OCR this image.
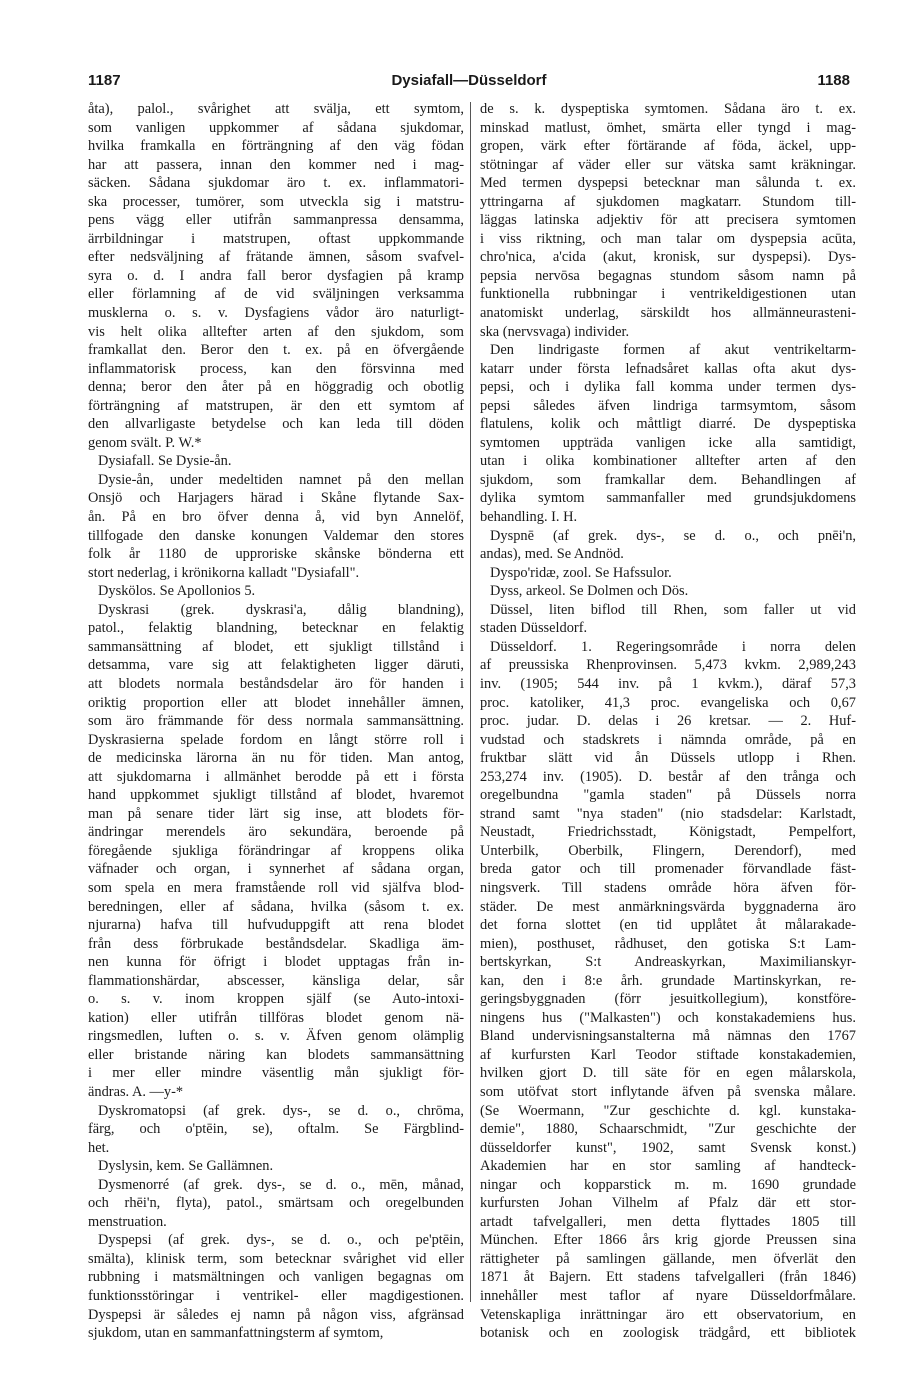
1187	Dysiafall—Düsseldorf	1188
åta), palol., svårighet att svälja, ett symtom,
som vanligen uppkommer af sådana sjukdomar,
hvilka framkalla en förträngning af den väg födan
har att passera, innan den kommer ned i mag-
säcken. Sådana sjukdomar äro t. ex. inflammatori-
ska processer, tumörer, som utveckla sig i matstru-
pens vägg eller utifrån sammanpressa densamma,
ärrbildningar i matstrupen, oftast uppkommande
efter nedsväljning af frätande ämnen, såsom svafvel-
syra o. d. I andra fall beror dysfagien på kramp
eller förlamning af de vid sväljningen verksamma
musklerna o. s. v. Dysfagiens vådor äro naturligt-
vis helt olika alltefter arten af den sjukdom, som
framkallat den. Beror den t. ex. på en öfvergående
inflammatorisk process, kan den försvinna med
denna; beror den åter på en höggradig och obotlig
förträngning af matstrupen, är den ett symtom af
den allvarligaste betydelse och kan leda till döden
genom svält. P. W.*
Dysiafall. Se Dysie-ån.
Dysie-ån, under medeltiden namnet på den mellan
Onsjö och Harjagers härad i Skåne flytande Sax-
ån. På en bro öfver denna å, vid byn Annelöf,
tillfogade den danske konungen Valdemar den stores
folk år 1180 de upproriske skånske bönderna ett
stort nederlag, i krönikorna kalladt "Dysiafall".
Dyskölos. Se Apollonios 5.
Dyskrasi (grek. dyskrasi'a, dålig blandning),
patol., felaktig blandning, betecknar en felaktig
sammansättning af blodet, ett sjukligt tillstånd i
detsamma, vare sig att felaktigheten ligger däruti,
att blodets normala beståndsdelar äro för handen i
oriktig proportion eller att blodet innehåller ämnen,
som äro främmande för dess normala sammansättning.
Dyskrasierna spelade fordom en långt större roll i
de medicinska lärorna än nu för tiden. Man antog,
att sjukdomarna i allmänhet berodde på ett i första
hand uppkommet sjukligt tillstånd af blodet, hvaremot
man på senare tider lärt sig inse, att blodets för-
ändringar merendels äro sekundära, beroende på
föregående sjukliga förändringar af kroppens olika
väfnader och organ, i synnerhet af sådana organ,
som spela en mera framstående roll vid själfva blod-
beredningen, eller af sådana, hvilka (såsom t. ex.
njurarna) hafva till hufvuduppgift att rena blodet
från dess förbrukade beståndsdelar. Skadliga äm-
nen kunna för öfrigt i blodet upptagas från in-
flammationshärdar, abscesser, känsliga delar, sår
o. s. v. inom kroppen själf (se Auto-intoxi-
kation) eller utifrån tillföras blodet genom nä-
ringsmedlen, luften o. s. v. Äfven genom olämplig
eller bristande näring kan blodets sammansättning
i mer eller mindre väsentlig mån sjukligt för-
ändras. A. —y-*
Dyskromatopsi (af grek. dys-, se d. o., chrōma,
färg, och o'ptēin, se), oftalm. Se Färgblind-
het.
Dyslysin, kem. Se Gallämnen.
Dysmenorré (af grek. dys-, se d. o., mēn, månad,
och rhēi'n, flyta), patol., smärtsam och oregelbunden
menstruation.
Dyspepsi (af grek. dys-, se d. o., och pe'ptēin,
smälta), klinisk term, som betecknar svårighet vid eller
rubbning i matsmältningen och vanligen begagnas om
funktionsstöringar i ventrikel- eller magdigestionen.
Dyspepsi är således ej namn på någon viss, afgränsad
sjukdom, utan en sammanfattningsterm af symtom,
de s. k. dyspeptiska symtomen. Sådana äro t. ex.
minskad matlust, ömhet, smärta eller tyngd i mag-
gropen, värk efter förtärande af föda, äckel, upp-
stötningar af väder eller sur vätska samt kräkningar.
Med termen dyspepsi betecknar man sålunda t. ex.
yttringarna af sjukdomen magkatarr. Stundom till-
läggas latinska adjektiv för att precisera symtomen
i viss riktning, och man talar om dyspepsia acūta,
chro'nica, a'cida (akut, kronisk, sur dyspepsi). Dys-
pepsia nervōsa begagnas stundom såsom namn på
funktionella rubbningar i ventrikeldigestionen utan
anatomiskt underlag, särskildt hos allmänneurasteni-
ska (nervsvaga) individer.
Den lindrigaste formen af akut ventrikeltarm-
katarr under första lefnadsåret kallas ofta akut dys-
pepsi, och i dylika fall komma under termen dys-
pepsi således äfven lindriga tarmsymtom, såsom
flatulens, kolik och måttligt diarré. De dyspeptiska
symtomen uppträda vanligen icke alla samtidigt,
utan i olika kombinationer alltefter arten af den
sjukdom, som framkallar dem. Behandlingen af
dylika symtom sammanfaller med grundsjukdomens
behandling. I. H.
Dyspnē (af grek. dys-, se d. o., och pnēi'n,
andas), med. Se Andnöd.
Dyspo'ridæ, zool. Se Hafssulor.
Dyss, arkeol. Se Dolmen och Dös.
Düssel, liten biflod till Rhen, som faller ut vid
staden Düsseldorf.
Düsseldorf. 1. Regeringsområde i norra delen
af preussiska Rhenprovinsen. 5,473 kvkm. 2,989,243
inv. (1905; 544 inv. på 1 kvkm.), däraf 57,3
proc. katoliker, 41,3 proc. evangeliska och 0,67
proc. judar. D. delas i 26 kretsar. — 2. Huf-
vudstad och stadskrets i nämnda område, på en
fruktbar slätt vid ån Düssels utlopp i Rhen.
253,274 inv. (1905). D. består af den trånga och
oregelbundna "gamla staden" på Düssels norra
strand samt "nya staden" (nio stadsdelar: Karlstadt,
Neustadt, Friedrichsstadt, Königstadt, Pempelfort,
Unterbilk, Oberbilk, Flingern, Derendorf), med
breda gator och till promenader förvandlade fäst-
ningsverk. Till stadens område höra äfven för-
städer. De mest anmärkningsvärda byggnaderna äro
det forna slottet (en tid upplåtet åt målarakade-
mien), posthuset, rådhuset, den gotiska S:t Lam-
bertskyrkan, S:t Andreaskyrkan, Maximilianskyr-
kan, den i 8:e årh. grundade Martinskyrkan, re-
geringsbyggnaden (förr jesuitkollegium), konstföre-
ningens hus ("Malkasten") och konstakademiens hus.
Bland undervisningsanstalterna må nämnas den 1767
af kurfursten Karl Teodor stiftade konstakademien,
hvilken gjort D. till säte för en egen målarskola,
som utöfvat stort inflytande äfven på svenska målare.
(Se Woermann, "Zur geschichte d. kgl. kunstaka-
demie", 1880, Schaarschmidt, "Zur geschichte der
düsseldorfer kunst", 1902, samt Svensk konst.)
Akademien har en stor samling af handteck-
ningar och kopparstick m. m. 1690 grundade
kurfursten Johan Vilhelm af Pfalz där ett stor-
artadt tafvelgalleri, men detta flyttades 1805 till
München. Efter 1866 års krig gjorde Preussen sina
rättigheter på samlingen gällande, men öfverlät den
1871 åt Bajern. Ett stadens tafvelgalleri (från 1846)
innehåller mest taflor af nyare Düsseldorfmålare.
Vetenskapliga inrättningar äro ett observatorium, en
botanisk och en zoologisk trädgård, ett bibliotek
